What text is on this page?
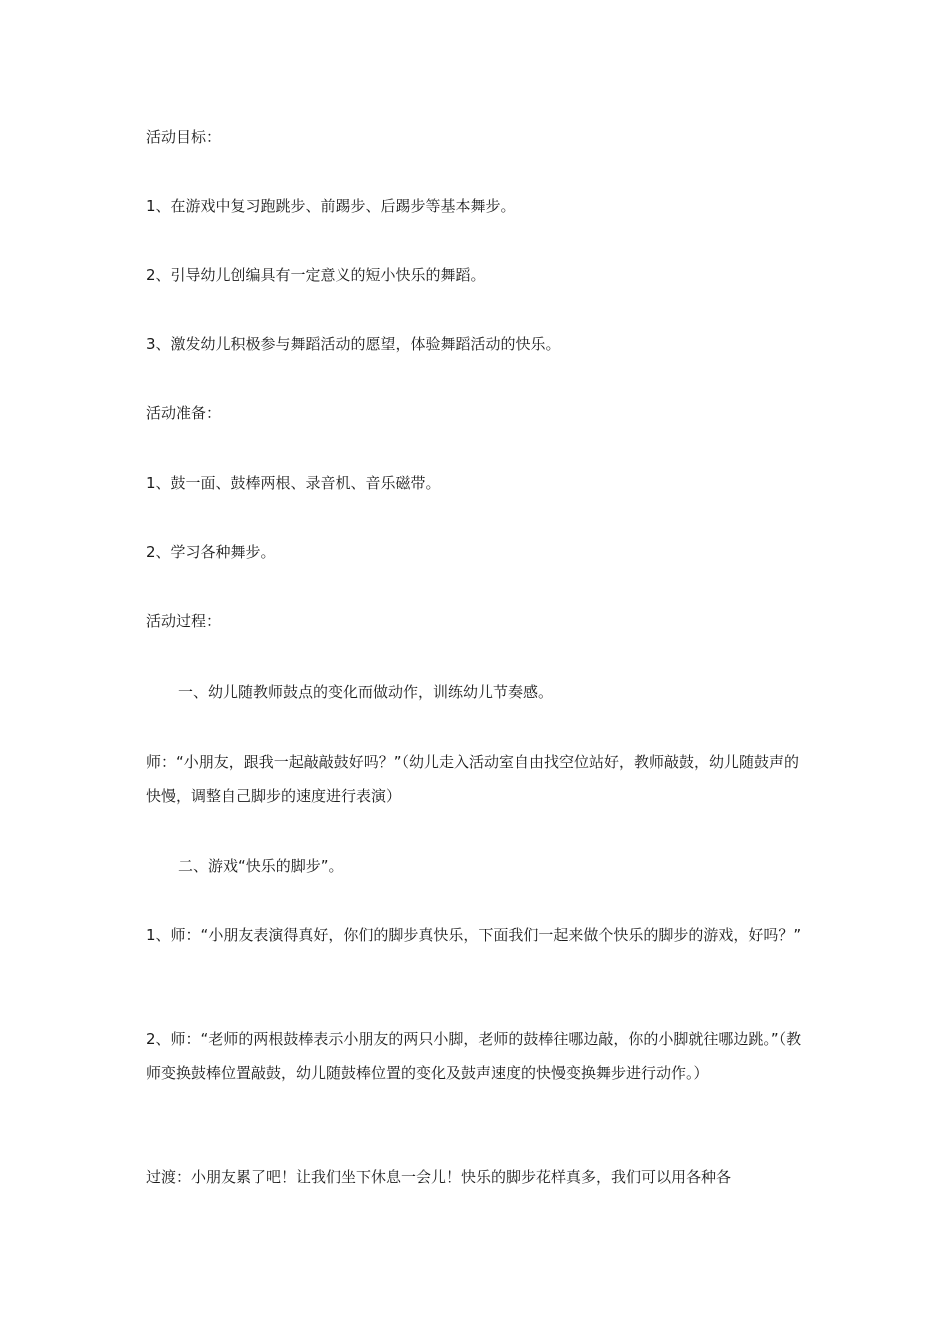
活动目标：

1、在游戏中复习跑跳步、前踢步、后踢步等基本舞步。

2、引导幼儿创编具有一定意义的短小快乐的舞蹈。

3、激发幼儿积极参与舞蹈活动的愿望，体验舞蹈活动的快乐。

活动准备：

1、鼓一面、鼓棒两根、录音机、音乐磁带。

2、学习各种舞步。

活动过程：

一、幼儿随教师鼓点的变化而做动作，训练幼儿节奏感。

师：“小朋友，跟我一起敲敲鼓好吗？”（幼儿走入活动室自由找空位站好，教师敲鼓，幼儿随鼓声的快慢，调整自己脚步的速度进行表演）

二、游戏“快乐的脚步”。

1、师：“小朋友表演得真好，你们的脚步真快乐，下面我们一起来做个快乐的脚步的游戏，好吗？”

2、师：“老师的两根鼓棒表示小朋友的两只小脚，老师的鼓棒往哪边敲，你的小脚就往哪边跳。”（教师变换鼓棒位置敲鼓，幼儿随鼓棒位置的变化及鼓声速度的快慢变换舞步进行动作。）

过渡：小朋友累了吧！让我们坐下休息一会儿！快乐的脚步花样真多，我们可以用各种各
